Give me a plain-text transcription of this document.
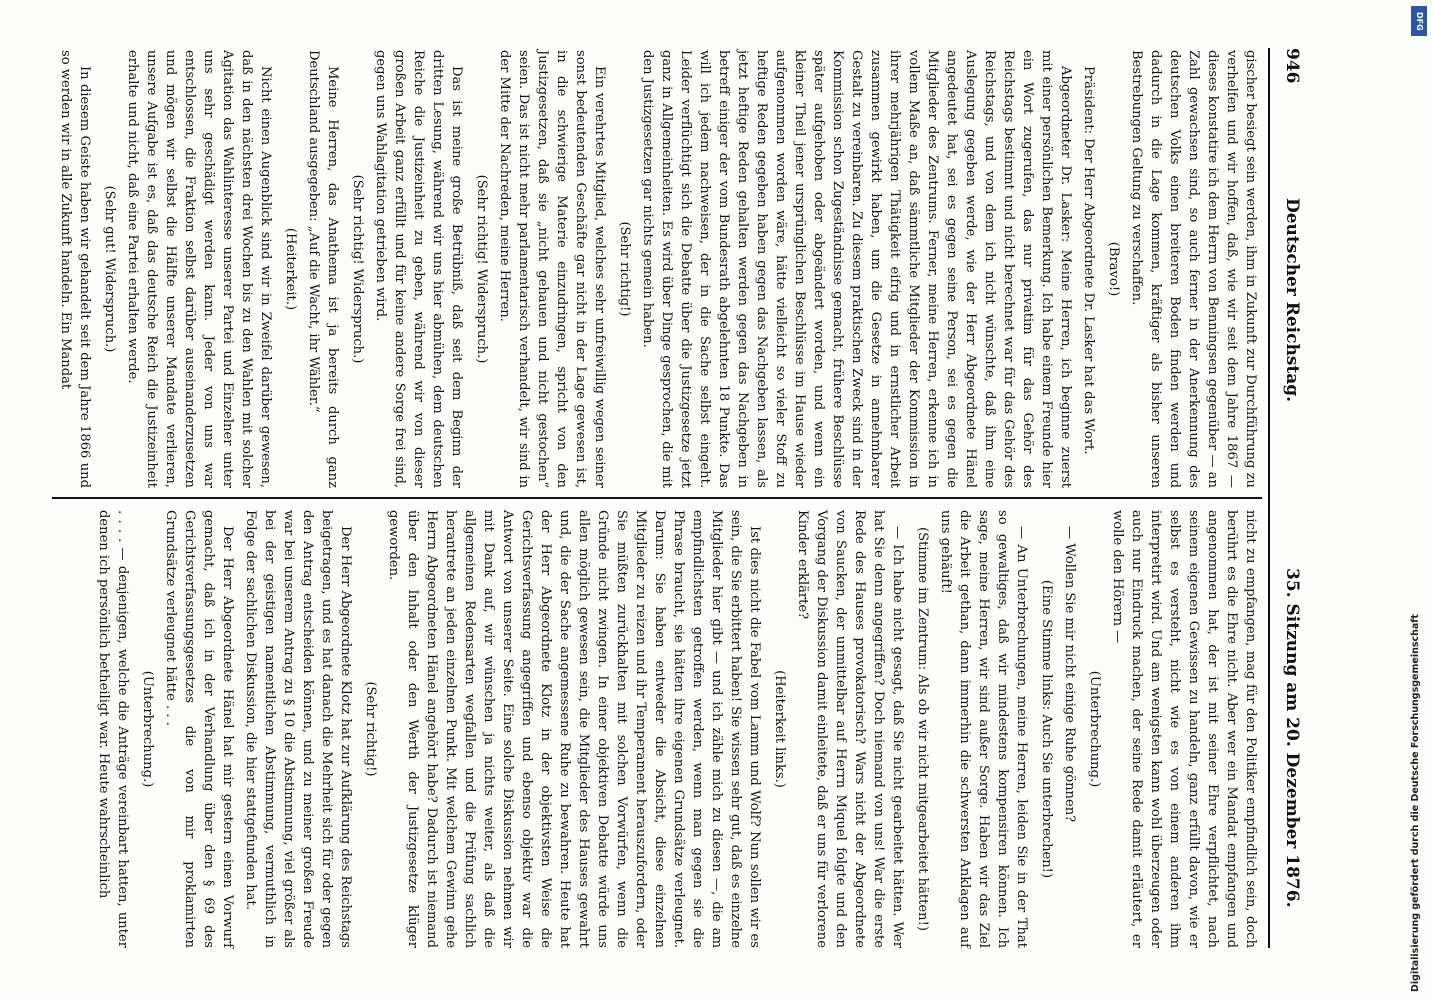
946
Deutscher Reichstag.
35. Sitzung am 20. Dezember 1876.

gischer besiegt sein werden, ihm in Zukunft zur Durchführung zu verhelfen und wir hoffen, daß, wie wir seit dem Jahre 1867 — dieses konstatire ich dem Herrn von Benningsen gegenüber — an Zahl gewachsen sind, so auch ferner in der Anerkennung des deutschen Volks einen breiteren Boden finden werden und dadurch in die Lage kommen, kräftiger als bisher unseren Bestrebungen Geltung zu verschaffen.

(Bravo!)

Präsident: Der Herr Abgeordnete Dr. Lasker hat das Wort.

Abgeordneter Dr. Lasker: Meine Herren, ich beginne zuerst mit einer persönlichen Bemerkung. Ich habe einem Freunde hier ein Wort zugerufen, das nur privatim für das Gehör des Reichstags bestimmt und nicht berechnet war für das Gehör des Reichstags, und von dem ich nicht wünschte, daß ihm eine Auslegung gegeben werde, wie der Herr Abgeordnete Hänel angedeutet hat, sei es gegen seine Person, sei es gegen die Mitglieder des Zentrums. Ferner, meine Herren, erkenne ich in vollem Maße an, daß sämmtliche Mitglieder der Kommission in ihrer mehrjährigen Thätigkeit eifrig und in ernstlicher Arbeit zusammen gewirkt haben, um die Gesetze in annehmbarer Gestalt zu vereinbaren. Zu diesem praktischen Zweck sind in der Kommission schon Zugeständnisse gemacht, frühere Beschlüsse später aufgehoben oder abgeändert worden, und wenn ein kleiner Theil jener ursprünglichen Beschlüsse im Hause wieder aufgenommen worden wäre, hätte vielleicht so vieler Stoff zu heftige Reden gegeben haben gegen das Nachgeben lassen, als jetzt heftige Reden gehalten werden gegen das Nachgeben in betreff einiger der vom Bundesrath abgelehnten 18 Punkte. Das will ich jedem nachweisen, der in die Sache selbst eingeht. Leider verflüchtigt sich die Debatte über die Justizgesetze jetzt ganz in Allgemeinheiten. Es wird über Dinge gesprochen, die mit den Justizgesetzen gar nichts gemein haben.

(Sehr richtig!)

Ein verehrtes Mitglied, welches sehr unfreiwillig wegen seiner sonst bedeutenden Geschäfte gar nicht in der Lage gewesen ist, in die schwierige Materie einzudringen, spricht von den Justizgesetzen, daß sie „nicht gehauen und nicht gestochen“ seien. Das ist nicht mehr parlamentarisch verhandelt, wir sind in der Mitte der Nachreden, meine Herren.

(Sehr richtig! Widerspruch.)

Das ist meine große Betrübniß, daß seit dem Beginn der dritten Lesung, während wir uns hier abmühen, dem deutschen Reiche die Justizeinheit zu geben, während wir von dieser großen Arbeit ganz erfüllt und für keine andere Sorge frei sind, gegen uns Wahlagitation getrieben wird.

(Sehr richtig! Widerspruch.)

Meine Herren, das Anathema ist ja bereits durch ganz Deutschland ausgegeben: „Auf die Wacht, ihr Wähler.“

(Heiterkeit.)

Nicht einen Augenblick sind wir in Zweifel darüber gewesen, daß in den nächsten drei Wochen bis zu den Wahlen mit solcher Agitation das Wahlinteresse unserer Partei und Einzelner unter uns sehr geschädigt werden kann. Jeder von uns war entschlossen, die Fraktion selbst darüber auseinanderzusetzen und mögen wir selbst die Hälfte unserer Mandate verlieren, unsere Aufgabe ist es, daß das deutsche Reich die Justizeinheit erhalte und nicht, daß eine Partei erhalten werde.

(Sehr gut! Widerspruch.)

In diesem Geiste haben wir gehandelt seit dem Jahre 1866 und so werden wir in alle Zukunft handeln. Ein Mandat

nicht zu empfangen, mag für den Politiker empfindlich sein, doch berührt es die Ehre nicht. Aber wer ein Mandat empfangen und angenommen hat, der ist mit seiner Ehre verpflichtet, nach seinem eigenen Gewissen zu handeln, ganz erfüllt davon, wie er selbst es versteht, nicht wie es von einem anderen ihm interpretirt wird. Und am wenigsten kann wohl überzeugen oder auch nur Eindruck machen, der seine Rede damit erläutert, er wolle den Hörern —

(Unterbrechung.)

— Wollen Sie mir nicht einige Ruhe gönnen?

(Eine Stimme links: Auch Sie unterbrechen!)

— An Unterbrechungen, meine Herren, leiden Sie in der That so gewaltiges, daß wir mindestens kompensiren können. Ich sage, meine Herren, wir sind außer Sorge. Haben wir das Ziel die Arbeit gethan, dann immerhin die schwersten Anklagen auf uns gehäuft!

(Stimme im Zentrum: Als ob wir nicht mitgearbeitet hätten!)

— Ich habe nicht gesagt, daß Sie nicht gearbeitet hätten. Wer hat Sie denn angegriffen? Doch niemand von uns! War die erste Rede des Hauses provokatorisch? Wars nicht der Abgeordnete von Saucken, der unmittelbar auf Herrn Miquel folgte und den Vorgang der Diskussion damit einleitete, daß er uns für verlorene Kinder erklärte?

(Heiterkeit links.)

Ist dies nicht die Fabel vom Lamm und Wolf? Nun sollen wir es sein, die Sie erbittert haben! Sie wissen sehr gut, daß es einzelne Mitglieder hier gibt — und ich zähle mich zu diesen —, die am empfindlichsten getroffen werden, wenn man gegen sie die Phrase braucht, sie hätten ihre eigenen Grundsätze verleugnet. Darum: Sie haben entweder die Absicht, diese einzelnen Mitglieder zu reizen und ihr Temperament herauszufordern, oder Sie müßten zurückhalten mit solchen Vorwürfen, wenn die Gründe nicht zwingen. In einer objektiven Debatte würde uns allen möglich gewesen sein, die Mitglieder des Hauses gewahrt und, die der Sache angemessene Ruhe zu bewahren. Heute hat der Herr Abgeordnete Klotz in der objektivsten Weise die Gerichtsverfassung angegriffen und ebenso objektiv war die Antwort von unserer Seite. Eine solche Diskussion nehmen wir mit Dank auf, wir wünschen ja nichts weiter, als daß die allgemeinen Redensarten wegfallen und die Prüfung sachlich herantrete an jeden einzelnen Punkt. Mit welchem Gewinn gehe Herrn Abgeordneten Hänel angehört habe? Dadurch ist niemand über den Inhalt oder den Werth der Justizgesetze klüger geworden.

(Sehr richtig!)

Der Herr Abgeordnete Klotz hat zur Aufklärung des Reichstags beigetragen, und es hat danach die Mehrheit sich für oder gegen den Antrag entscheiden können, und zu meiner großen Freude war bei unserem Antrag zu § 10 die Abstimmung, viel größer als bei der geistigen namentlichen Abstimmung, vermuthlich in Folge der sachlichen Diskussion, die hier stattgefunden hat.

Der Herr Abgeordnete Hänel hat mir gestern einen Vorwurf gemacht, daß ich in der Verhandlung über den § 69 des Gerichtsverfassungsgesetzes die von mir proklamirten Grundsätze verleugnet hätte . . .

(Unterbrechung.)

. . . . — denjenigen, welche die Anträge vereinbart hatten, unter denen ich persönlich betheiligt war. Heute wahrscheinlich

DFG
Digitalisierung gefördert durch die Deutsche Forschungsgemeinschaft
